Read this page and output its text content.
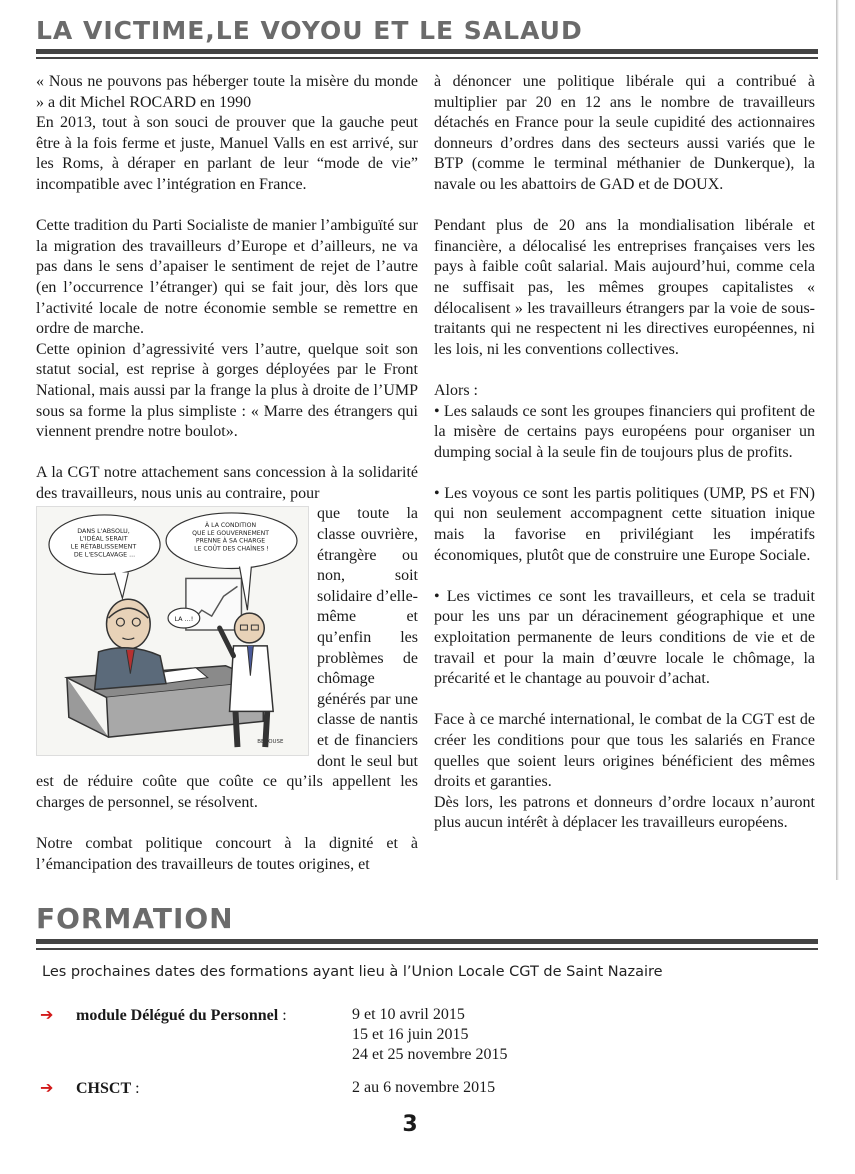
LA VICTIME,LE VOYOU ET LE SALAUD

« Nous ne pouvons pas héberger toute la misère du monde » a dit Michel ROCARD en 1990

En 2013, tout à son souci de prouver que la gauche peut être à la fois ferme et juste, Manuel Valls en est arrivé, sur les Roms, à déraper en parlant de leur “mode de vie” incompatible avec l’intégration en France.

Cette tradition du Parti Socialiste de manier l’ambiguïté sur la migration des travailleurs d’Europe et d’ailleurs, ne va pas dans le sens d’apaiser le sentiment de rejet de l’autre (en l’occurrence l’étranger) qui se fait jour, dès lors que l’activité locale de notre économie semble se remettre en ordre de marche.

Cette opinion d’agressivité vers l’autre, quelque soit son statut social, est reprise à gorges déployées par le Front National, mais aussi par la frange la plus à droite de l’UMP sous sa forme la plus simpliste : « Marre des étrangers qui viennent prendre notre boulot».

A la CGT notre attachement sans concession à la solidarité des travailleurs, nous unis au contraire, pour

DANS L'ABSOLU, L'IDÉAL SERAIT LE RÉTABLISSEMENT DE L'ESCLAVAGE ...
À LA CONDITION QUE LE GOUVERNEMENT PRENNE À SA CHARGE LE COÛT DES CHAÎNES !
LA ...!
BEROUSE

que toute la classe ouvrière, étrangère ou non, soit solidaire d’elle-même et qu’enfin les problèmes de chômage générés par une classe de nantis et de financiers dont le seul but est de réduire coûte que coûte ce qu’ils appellent les charges de personnel, se résolvent.

Notre combat politique concourt à la dignité et à l’émancipation des travailleurs de toutes origines, et

à dénoncer une politique libérale qui a contribué à multiplier par 20 en 12 ans le nombre de travailleurs détachés en France pour la seule cupidité des actionnaires donneurs d’ordres dans des secteurs aussi variés que le BTP (comme le terminal méthanier de Dunkerque), la navale ou les abattoirs de GAD et de DOUX.

Pendant plus de 20 ans la mondialisation libérale et financière, a délocalisé les entreprises françaises vers les pays à faible coût salarial. Mais aujourd’hui, comme cela ne suffisait pas, les mêmes groupes capitalistes « délocalisent » les travailleurs étrangers par la voie de sous-traitants qui ne respectent ni les directives européennes, ni les lois, ni les conventions collectives.

Alors :

• Les salauds ce sont les groupes financiers qui profitent de la misère de certains pays européens pour organiser un dumping social à la seule fin de toujours plus de profits.

• Les voyous ce sont les partis politiques (UMP, PS et FN) qui non seulement accompagnent cette situation inique mais la favorise en privilégiant les impératifs économiques, plutôt que de construire une Europe Sociale.

• Les victimes ce sont les travailleurs, et cela se traduit pour les uns par un déracinement géographique et une exploitation permanente de leurs conditions de vie et de travail et pour la main d’œuvre locale le chômage, la précarité et le chantage au pouvoir d’achat.

Face à ce marché international, le combat de la CGT est de créer les conditions pour que tous les salariés en France quelles que soient leurs origines bénéficient des mêmes droits et garanties.

Dès lors, les patrons et donneurs d’ordre locaux n’auront plus aucun intérêt à déplacer les travailleurs européens.

FORMATION
Les prochaines dates des formations ayant lieu à l’Union Locale CGT de Saint Nazaire
➔ module Délégué du Personnel :	9 et 10 avril 2015
15 et 16 juin 2015
24 et 25 novembre 2015
➔ CHSCT :	2 au 6 novembre 2015
3
